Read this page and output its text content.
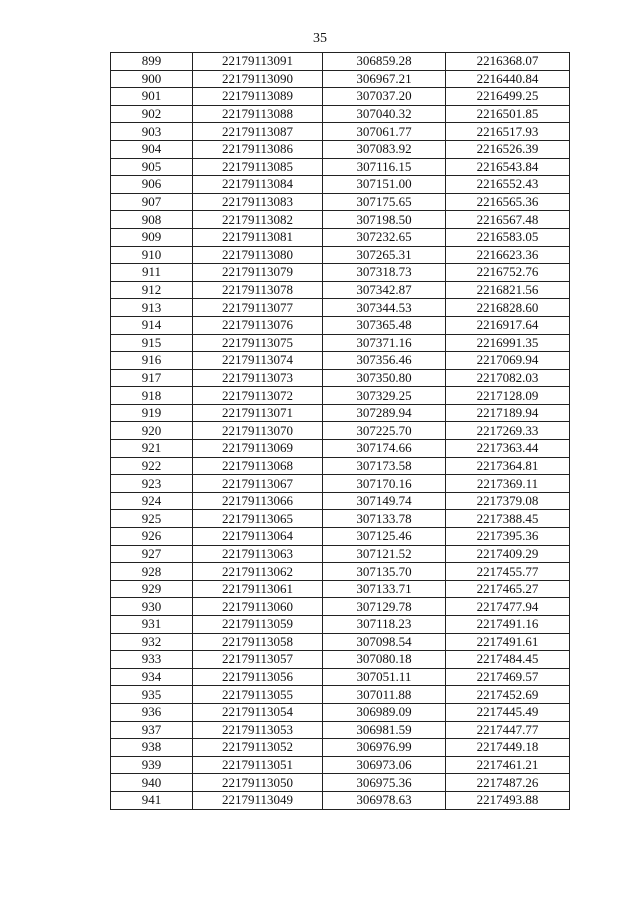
35
899	22179113091	306859.28	2216368.07
900	22179113090	306967.21	2216440.84
901	22179113089	307037.20	2216499.25
902	22179113088	307040.32	2216501.85
903	22179113087	307061.77	2216517.93
904	22179113086	307083.92	2216526.39
905	22179113085	307116.15	2216543.84
906	22179113084	307151.00	2216552.43
907	22179113083	307175.65	2216565.36
908	22179113082	307198.50	2216567.48
909	22179113081	307232.65	2216583.05
910	22179113080	307265.31	2216623.36
911	22179113079	307318.73	2216752.76
912	22179113078	307342.87	2216821.56
913	22179113077	307344.53	2216828.60
914	22179113076	307365.48	2216917.64
915	22179113075	307371.16	2216991.35
916	22179113074	307356.46	2217069.94
917	22179113073	307350.80	2217082.03
918	22179113072	307329.25	2217128.09
919	22179113071	307289.94	2217189.94
920	22179113070	307225.70	2217269.33
921	22179113069	307174.66	2217363.44
922	22179113068	307173.58	2217364.81
923	22179113067	307170.16	2217369.11
924	22179113066	307149.74	2217379.08
925	22179113065	307133.78	2217388.45
926	22179113064	307125.46	2217395.36
927	22179113063	307121.52	2217409.29
928	22179113062	307135.70	2217455.77
929	22179113061	307133.71	2217465.27
930	22179113060	307129.78	2217477.94
931	22179113059	307118.23	2217491.16
932	22179113058	307098.54	2217491.61
933	22179113057	307080.18	2217484.45
934	22179113056	307051.11	2217469.57
935	22179113055	307011.88	2217452.69
936	22179113054	306989.09	2217445.49
937	22179113053	306981.59	2217447.77
938	22179113052	306976.99	2217449.18
939	22179113051	306973.06	2217461.21
940	22179113050	306975.36	2217487.26
941	22179113049	306978.63	2217493.88
